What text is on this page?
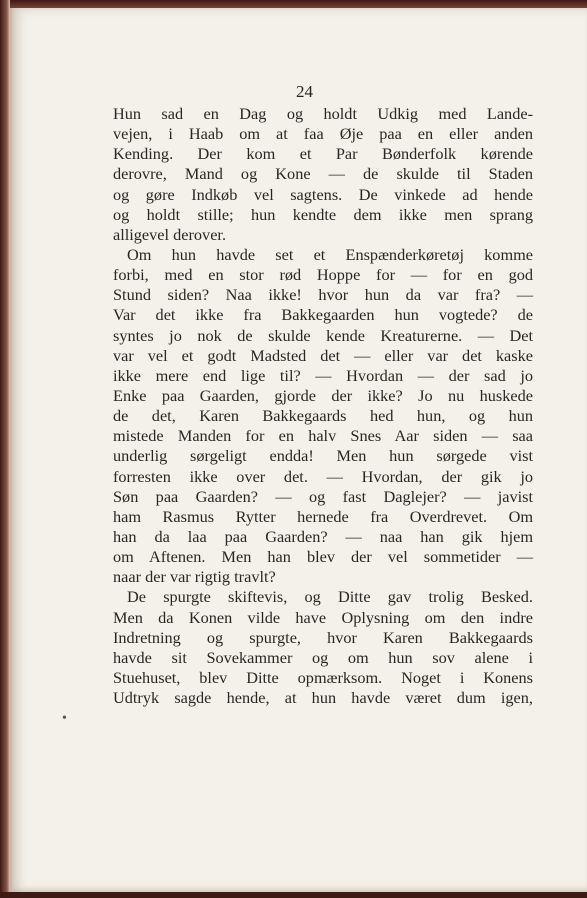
24
•
Hun sad en Dag og holdt Udkig med Lande-
vejen, i Haab om at faa Øje paa en eller anden
Kending. Der kom et Par Bønderfolk kørende
derovre, Mand og Kone — de skulde til Staden
og gøre Indkøb vel sagtens. De vinkede ad hende
og holdt stille; hun kendte dem ikke men sprang
alligevel derover.
Om hun havde set et Enspænderkøretøj komme
forbi, med en stor rød Hoppe for — for en god
Stund siden? Naa ikke! hvor hun da var fra? —
Var det ikke fra Bakkegaarden hun vogtede? de
syntes jo nok de skulde kende Kreaturerne. — Det
var vel et godt Madsted det — eller var det kaske
ikke mere end lige til? — Hvordan — der sad jo
Enke paa Gaarden, gjorde der ikke? Jo nu huskede
de det, Karen Bakkegaards hed hun, og hun
mistede Manden for en halv Snes Aar siden — saa
underlig sørgeligt endda! Men hun sørgede vist
forresten ikke over det. — Hvordan, der gik jo
Søn paa Gaarden? — og fast Daglejer? — javist
ham Rasmus Rytter hernede fra Overdrevet. Om
han da laa paa Gaarden? — naa han gik hjem
om Aftenen. Men han blev der vel sommetider —
naar der var rigtig travlt?
De spurgte skiftevis, og Ditte gav trolig Besked.
Men da Konen vilde have Oplysning om den indre
Indretning og spurgte, hvor Karen Bakkegaards
havde sit Sovekammer og om hun sov alene i
Stuehuset, blev Ditte opmærksom. Noget i Konens
Udtryk sagde hende, at hun havde været dum igen,
